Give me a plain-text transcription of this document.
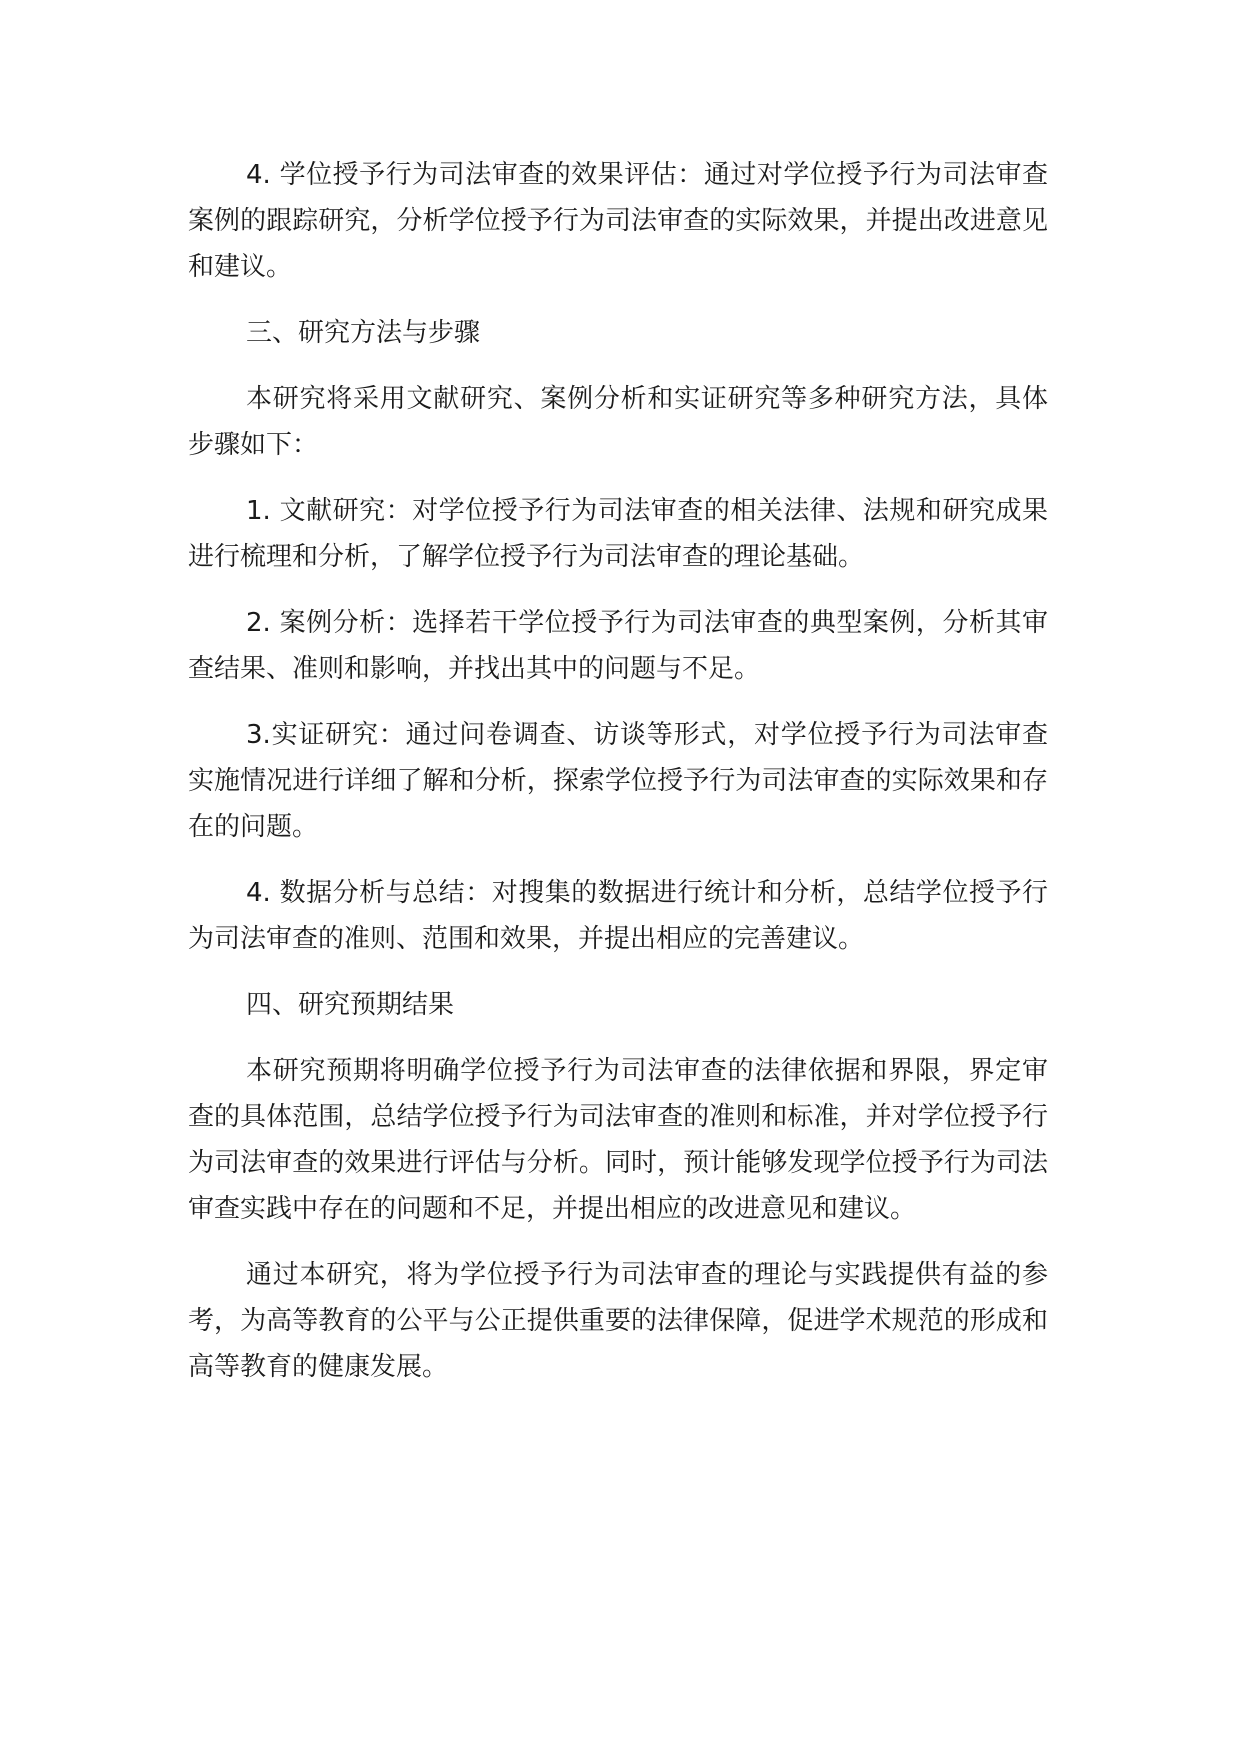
4. 学位授予行为司法审查的效果评估：通过对学位授予行为司法审查案例的跟踪研究，分析学位授予行为司法审查的实际效果，并提出改进意见和建议。

三、研究方法与步骤

本研究将采用文献研究、案例分析和实证研究等多种研究方法，具体步骤如下：

1. 文献研究：对学位授予行为司法审查的相关法律、法规和研究成果进行梳理和分析，了解学位授予行为司法审查的理论基础。

2. 案例分析：选择若干学位授予行为司法审查的典型案例，分析其审查结果、准则和影响，并找出其中的问题与不足。

3.实证研究：通过问卷调查、访谈等形式，对学位授予行为司法审查实施情况进行详细了解和分析，探索学位授予行为司法审查的实际效果和存在的问题。

4. 数据分析与总结：对搜集的数据进行统计和分析，总结学位授予行为司法审查的准则、范围和效果，并提出相应的完善建议。

四、研究预期结果

本研究预期将明确学位授予行为司法审查的法律依据和界限，界定审查的具体范围，总结学位授予行为司法审查的准则和标准，并对学位授予行为司法审查的效果进行评估与分析。同时，预计能够发现学位授予行为司法审查实践中存在的问题和不足，并提出相应的改进意见和建议。

通过本研究，将为学位授予行为司法审查的理论与实践提供有益的参考，为高等教育的公平与公正提供重要的法律保障，促进学术规范的形成和高等教育的健康发展。
